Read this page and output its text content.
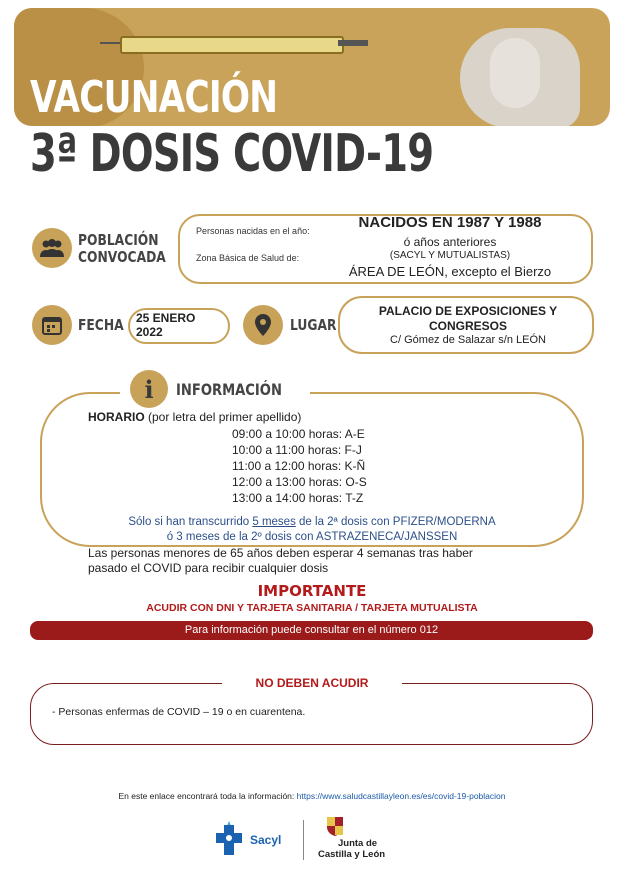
VACUNACIÓN
3ª DOSIS COVID-19
POBLACIÓN
CONVOCADA
Personas nacidas en el año:	NACIDOS EN 1987 Y 1988
ó años anteriores
Zona Básica de Salud de:	(SACYL Y MUTUALISTAS)
ÁREA DE LEÓN, excepto el Bierzo
FECHA 25 ENERO
2022	LUGAR
PALACIO DE EXPOSICIONES Y
CONGRESOS
C/ Gómez de Salazar s/n LEÓN
i	INFORMACIÓN
HORARIO (por letra del primer apellido)
09:00 a 10:00 horas: A-E
10:00 a 11:00 horas: F-J
11:00 a 12:00 horas: K-Ñ
12:00 a 13:00 horas: O-S
13:00 a 14:00 horas: T-Z
Sólo si han transcurrido 5 meses de la 2ª dosis con PFIZER/MODERNA
ó 3 meses de la 2º dosis con ASTRAZENECA/JANSSEN
Las personas menores de 65 años deben esperar 4 semanas tras haber
pasado el COVID para recibir cualquier dosis
IMPORTANTE
ACUDIR CON DNI Y TARJETA SANITARIA / TARJETA MUTUALISTA
Para información puede consultar en el número 012
NO DEBEN ACUDIR
- Personas enfermas de COVID – 19 o en cuarentena.
En este enlace encontrará toda la información: https://www.saludcastillayleon.es/es/covid-19-poblacion
Sacyl	Junta de
Castilla y León
